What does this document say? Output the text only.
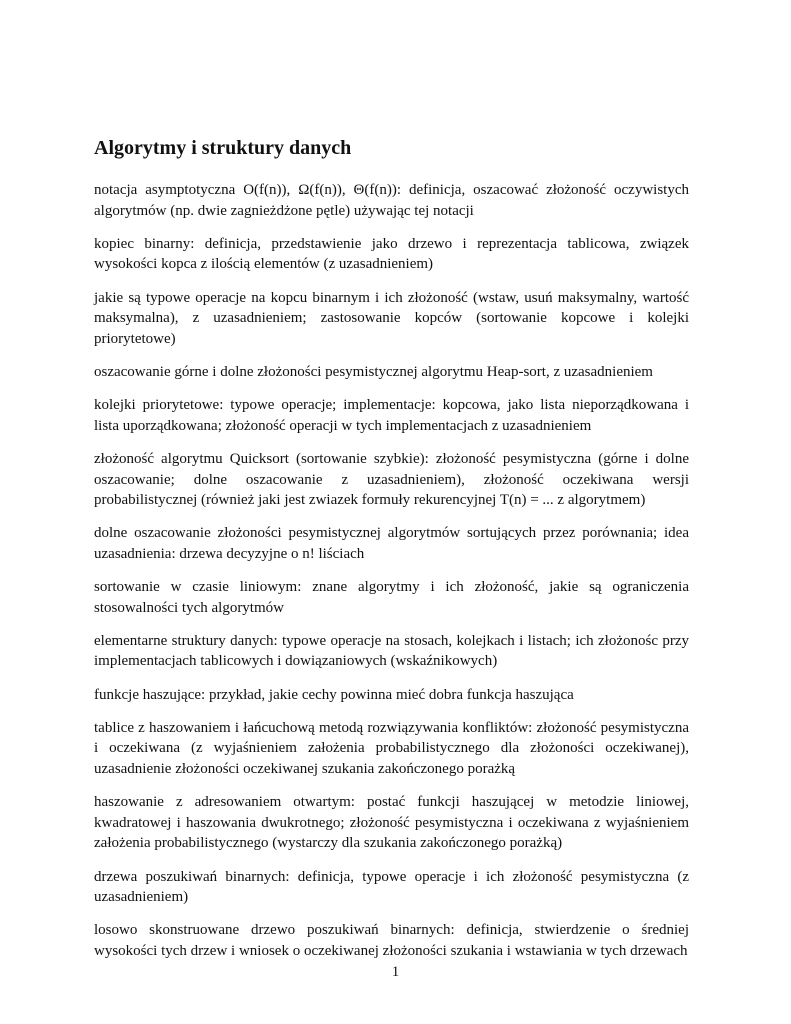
Algorytmy i struktury danych

notacja asymptotyczna O(f(n)), Ω(f(n)), Θ(f(n)): definicja, oszacować złożoność oczywistych algorytmów (np. dwie zagnieżdżone pętle) używając tej notacji

kopiec binarny: definicja, przedstawienie jako drzewo i reprezentacja tablicowa, związek wysokości kopca z ilością elementów (z uzasadnieniem)

jakie są typowe operacje na kopcu binarnym i ich złożoność (wstaw, usuń maksymalny, wartość maksymalna), z uzasadnieniem; zastosowanie kopców (sortowanie kopcowe i kolejki priorytetowe)

oszacowanie górne i dolne złożoności pesymistycznej algorytmu Heap-sort, z uzasadnieniem

kolejki priorytetowe: typowe operacje; implementacje: kopcowa, jako lista nieporządkowana i lista uporządkowana; złożoność operacji w tych implementacjach z uzasadnieniem

złożoność algorytmu Quicksort (sortowanie szybkie): złożoność pesymistyczna (górne i dolne oszacowanie; dolne oszacowanie z uzasadnieniem), złożoność oczekiwana wersji probabilistycznej (również jaki jest zwiazek formuły rekurencyjnej T(n) = ... z algorytmem)

dolne oszacowanie złożoności pesymistycznej algorytmów sortujących przez porównania; idea uzasadnienia: drzewa decyzyjne o n! liściach

sortowanie w czasie liniowym: znane algorytmy i ich złożoność, jakie są ograniczenia stosowalności tych algorytmów

elementarne struktury danych: typowe operacje na stosach, kolejkach i listach; ich złożonośc przy implementacjach tablicowych i dowiązaniowych (wskaźnikowych)

funkcje haszujące: przykład, jakie cechy powinna mieć dobra funkcja haszująca

tablice z haszowaniem i łańcuchową metodą rozwiązywania konfliktów: złożoność pesymistyczna i oczekiwana (z wyjaśnieniem założenia probabilistycznego dla złożoności oczekiwanej), uzasadnienie złożoności oczekiwanej szukania zakończonego porażką

haszowanie z adresowaniem otwartym: postać funkcji haszującej w metodzie liniowej, kwadratowej i haszowania dwukrotnego; złożoność pesymistyczna i oczekiwana z wyjaśnieniem założenia probabilistycznego (wystarczy dla szukania zakończonego porażką)

drzewa poszukiwań binarnych: definicja, typowe operacje i ich złożoność pesymistyczna (z uzasadnieniem)

losowo skonstruowane drzewo poszukiwań binarnych: definicja, stwierdzenie o średniej wysokości tych drzew i wniosek o oczekiwanej złożoności szukania i wstawiania w tych drzewach

1
